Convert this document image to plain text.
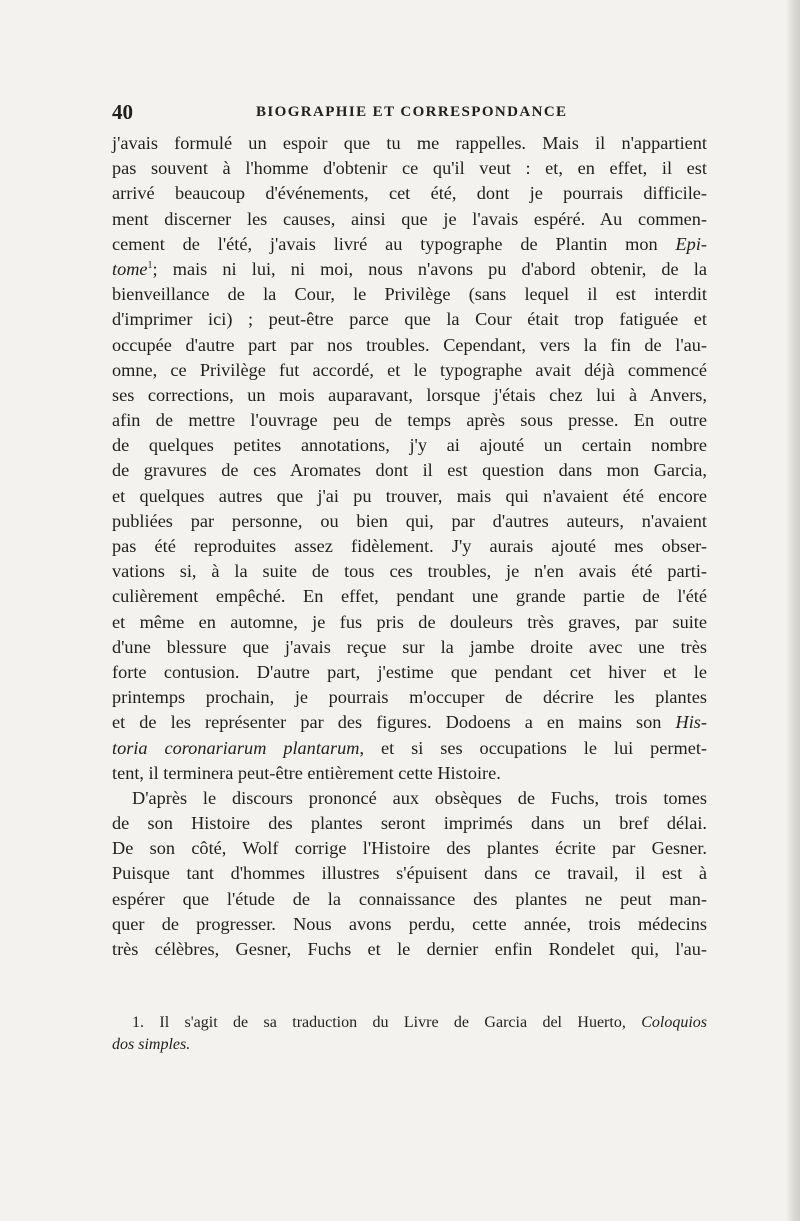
40	BIOGRAPHIE ET CORRESPONDANCE
j'avais formulé un espoir que tu me rappelles. Mais il n'appartient
pas souvent à l'homme d'obtenir ce qu'il veut : et, en effet, il est
arrivé beaucoup d'événements, cet été, dont je pourrais difficile-
ment discerner les causes, ainsi que je l'avais espéré. Au commen-
cement de l'été, j'avais livré au typographe de Plantin mon Epi-
tome$^1$; mais ni lui, ni moi, nous n'avons pu d'abord obtenir, de la
bienveillance de la Cour, le Privilège (sans lequel il est interdit
d'imprimer ici) ; peut-être parce que la Cour était trop fatiguée et
occupée d'autre part par nos troubles. Cependant, vers la fin de l'au-
omne, ce Privilège fut accordé, et le typographe avait déjà commencé
ses corrections, un mois auparavant, lorsque j'étais chez lui à Anvers,
afin de mettre l'ouvrage peu de temps après sous presse. En outre
de quelques petites annotations, j'y ai ajouté un certain nombre
de gravures de ces Aromates dont il est question dans mon Garcia,
et quelques autres que j'ai pu trouver, mais qui n'avaient été encore
publiées par personne, ou bien qui, par d'autres auteurs, n'avaient
pas été reproduites assez fidèlement. J'y aurais ajouté mes obser-
vations si, à la suite de tous ces troubles, je n'en avais été parti-
culièrement empêché. En effet, pendant une grande partie de l'été
et même en automne, je fus pris de douleurs très graves, par suite
d'une blessure que j'avais reçue sur la jambe droite avec une très
forte contusion. D'autre part, j'estime que pendant cet hiver et le
printemps prochain, je pourrais m'occuper de décrire les plantes
et de les représenter par des figures. Dodoens a en mains son His-
toria coronariarum plantarum, et si ses occupations le lui permet-
tent, il terminera peut-être entièrement cette Histoire.
D'après le discours prononcé aux obsèques de Fuchs, trois tomes
de son Histoire des plantes seront imprimés dans un bref délai.
De son côté, Wolf corrige l'Histoire des plantes écrite par Gesner.
Puisque tant d'hommes illustres s'épuisent dans ce travail, il est à
espérer que l'étude de la connaissance des plantes ne peut man-
quer de progresser. Nous avons perdu, cette année, trois médecins
très célèbres, Gesner, Fuchs et le dernier enfin Rondelet qui, l'au-
1. Il s'agit de sa traduction du Livre de Garcia del Huerto, Coloquios
dos simples.
